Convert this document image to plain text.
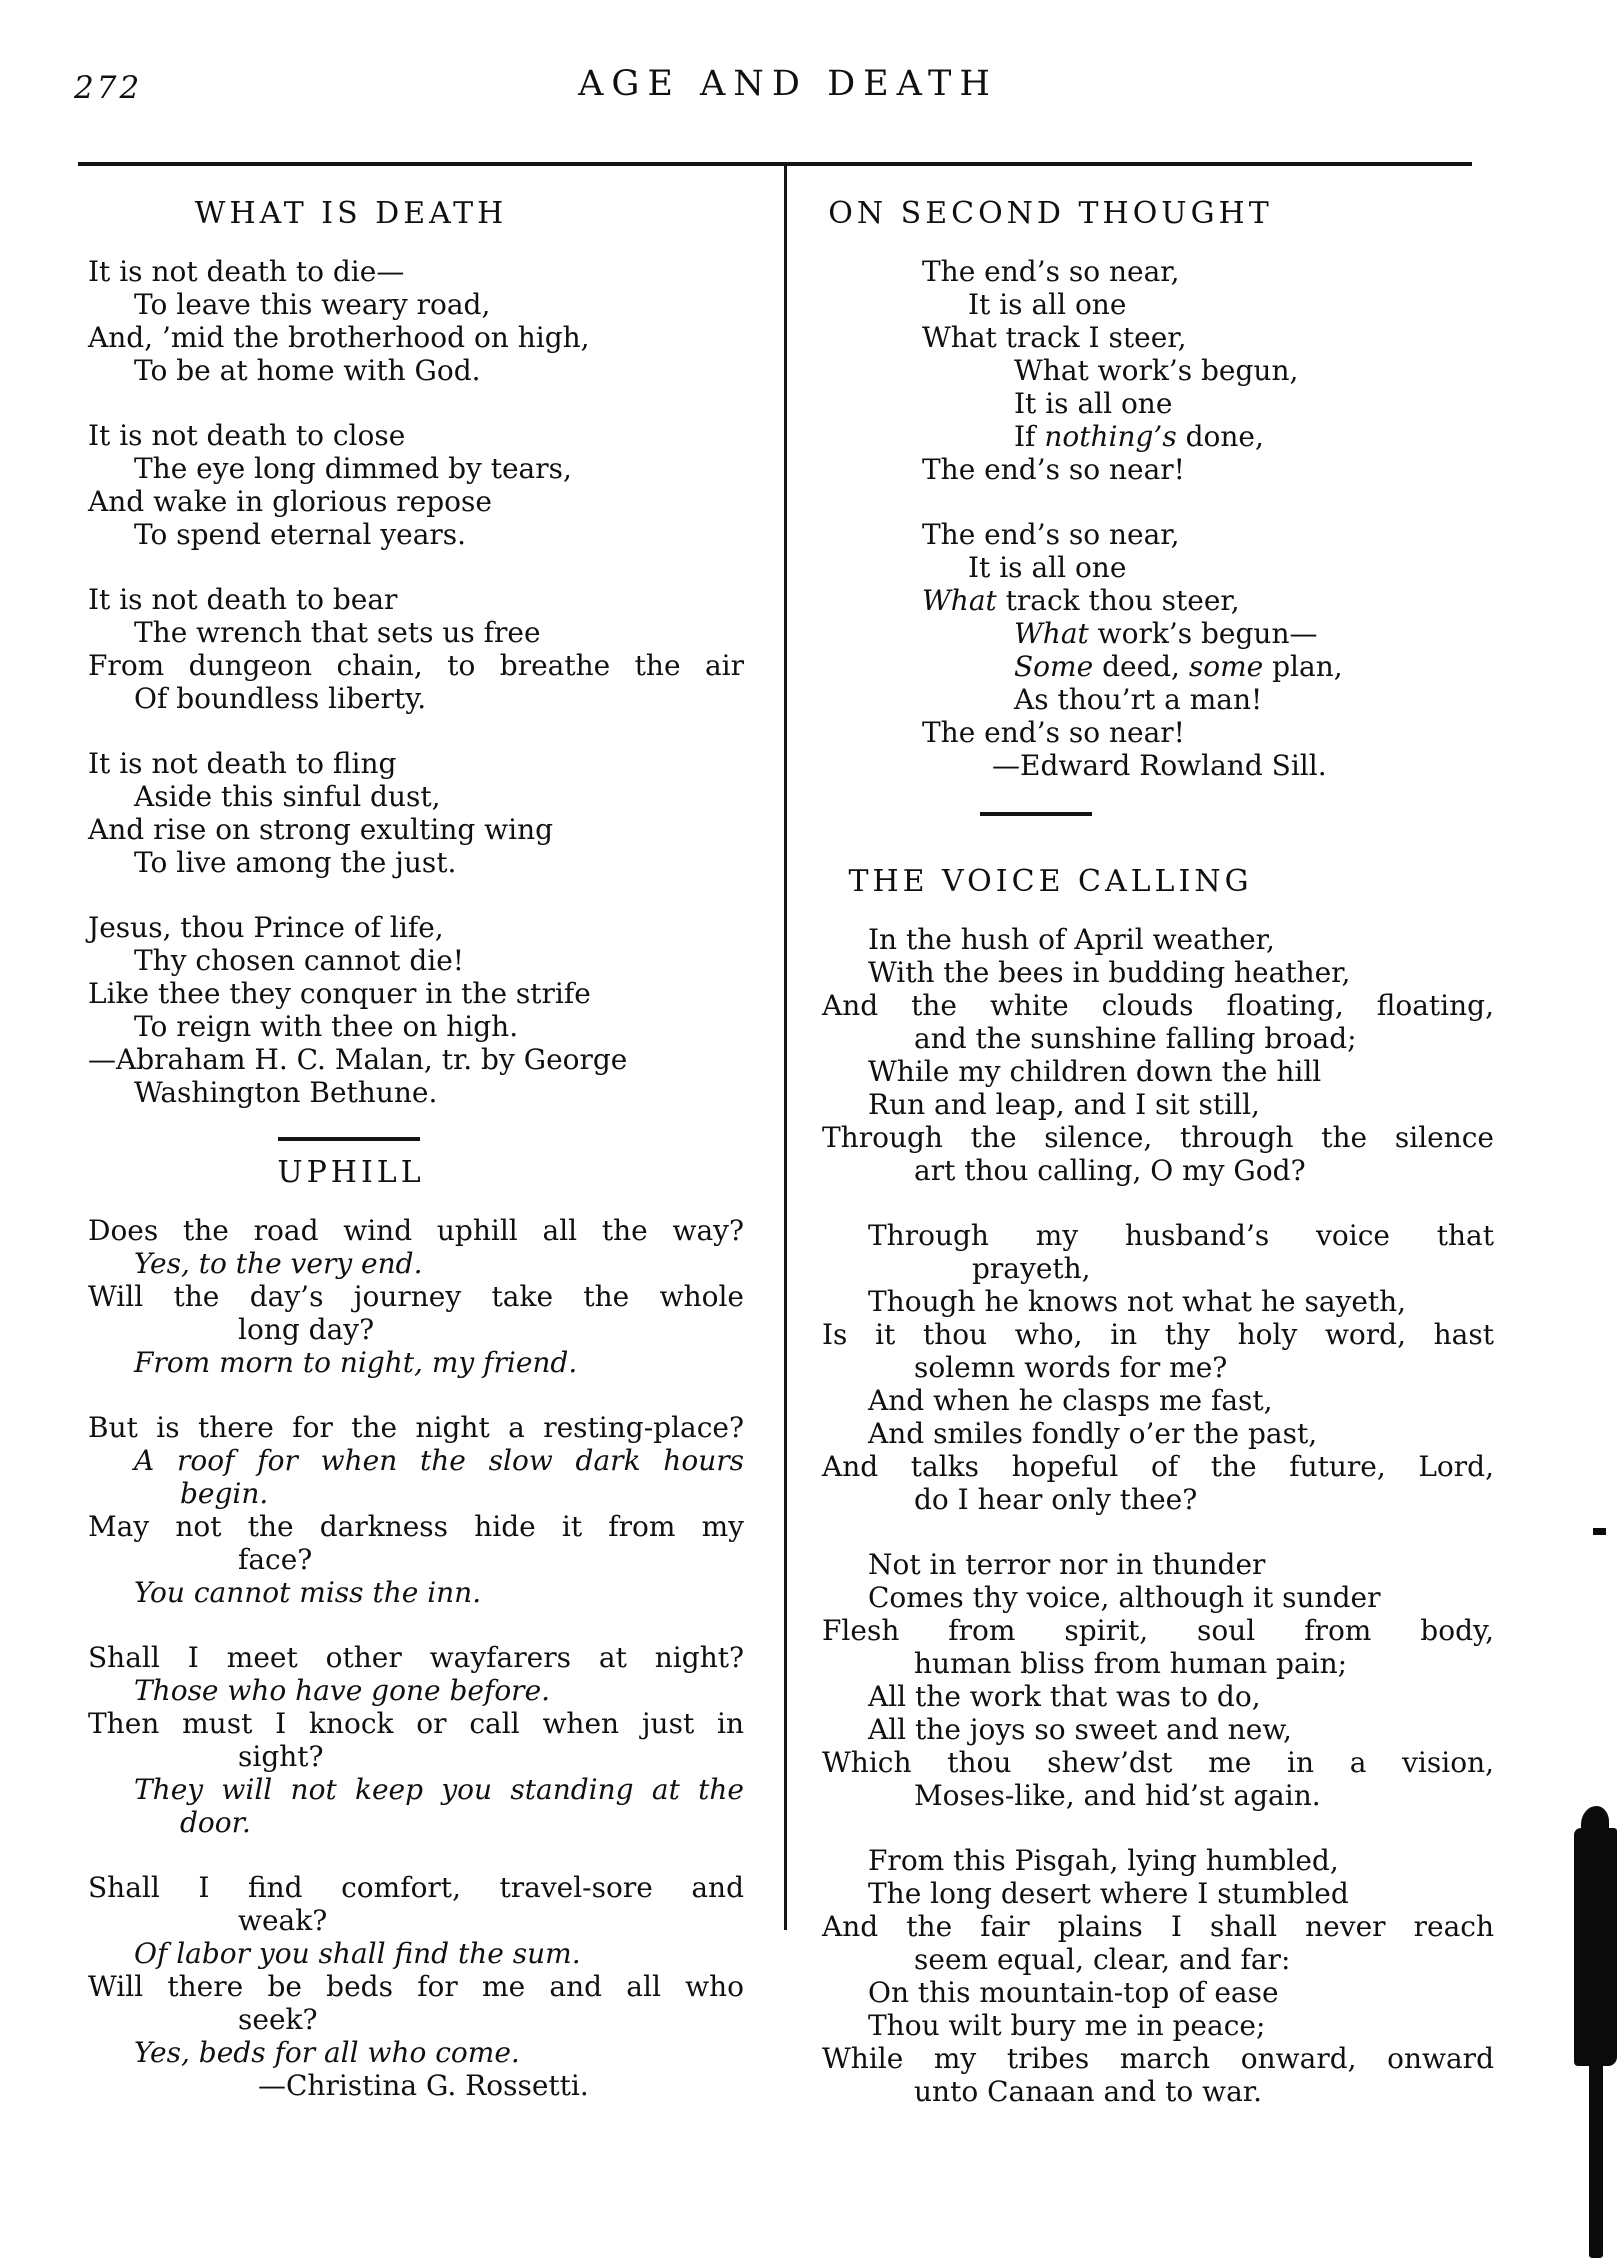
272	AGE AND DEATH
WHAT IS DEATH
It is not death to die—
To leave this weary road,
And, ’mid the brotherhood on high,
To be at home with God.
It is not death to close
The eye long dimmed by tears,
And wake in glorious repose
To spend eternal years.
It is not death to bear
The wrench that sets us free
From dungeon chain, to breathe the air
Of boundless liberty.
It is not death to fling
Aside this sinful dust,
And rise on strong exulting wing
To live among the just.
Jesus, thou Prince of life,
Thy chosen cannot die!
Like thee they conquer in the strife
To reign with thee on high.
—Abraham H. C. Malan, tr. by George
Washington Bethune.
UPHILL
Does the road wind uphill all the way?
Yes, to the very end.
Will the day’s journey take the whole
long day?
From morn to night, my friend.
But is there for the night a resting-place?
A roof for when the slow dark hours
begin.
May not the darkness hide it from my
face?
You cannot miss the inn.
Shall I meet other wayfarers at night?
Those who have gone before.
Then must I knock or call when just in
sight?
They will not keep you standing at the
door.
Shall I find comfort, travel-sore and
weak?
Of labor you shall find the sum.
Will there be beds for me and all who
seek?
Yes, beds for all who come.
—Christina G. Rossetti.
ON SECOND THOUGHT
The end’s so near,
It is all one
What track I steer,
What work’s begun,
It is all one
If nothing’s done,
The end’s so near!
The end’s so near,
It is all one
What track thou steer,
What work’s begun—
Some deed, some plan,
As thou’rt a man!
The end’s so near!
—Edward Rowland Sill.
THE VOICE CALLING
In the hush of April weather,
With the bees in budding heather,
And the white clouds floating, floating,
and the sunshine falling broad;
While my children down the hill
Run and leap, and I sit still,
Through the silence, through the silence
art thou calling, O my God?
Through my husband’s voice that
prayeth,
Though he knows not what he sayeth,
Is it thou who, in thy holy word, hast
solemn words for me?
And when he clasps me fast,
And smiles fondly o’er the past,
And talks hopeful of the future, Lord,
do I hear only thee?
Not in terror nor in thunder
Comes thy voice, although it sunder
Flesh from spirit, soul from body,
human bliss from human pain;
All the work that was to do,
All the joys so sweet and new,
Which thou shew’dst me in a vision,
Moses-like, and hid’st again.
From this Pisgah, lying humbled,
The long desert where I stumbled
And the fair plains I shall never reach
seem equal, clear, and far:
On this mountain-top of ease
Thou wilt bury me in peace;
While my tribes march onward, onward
unto Canaan and to war.
